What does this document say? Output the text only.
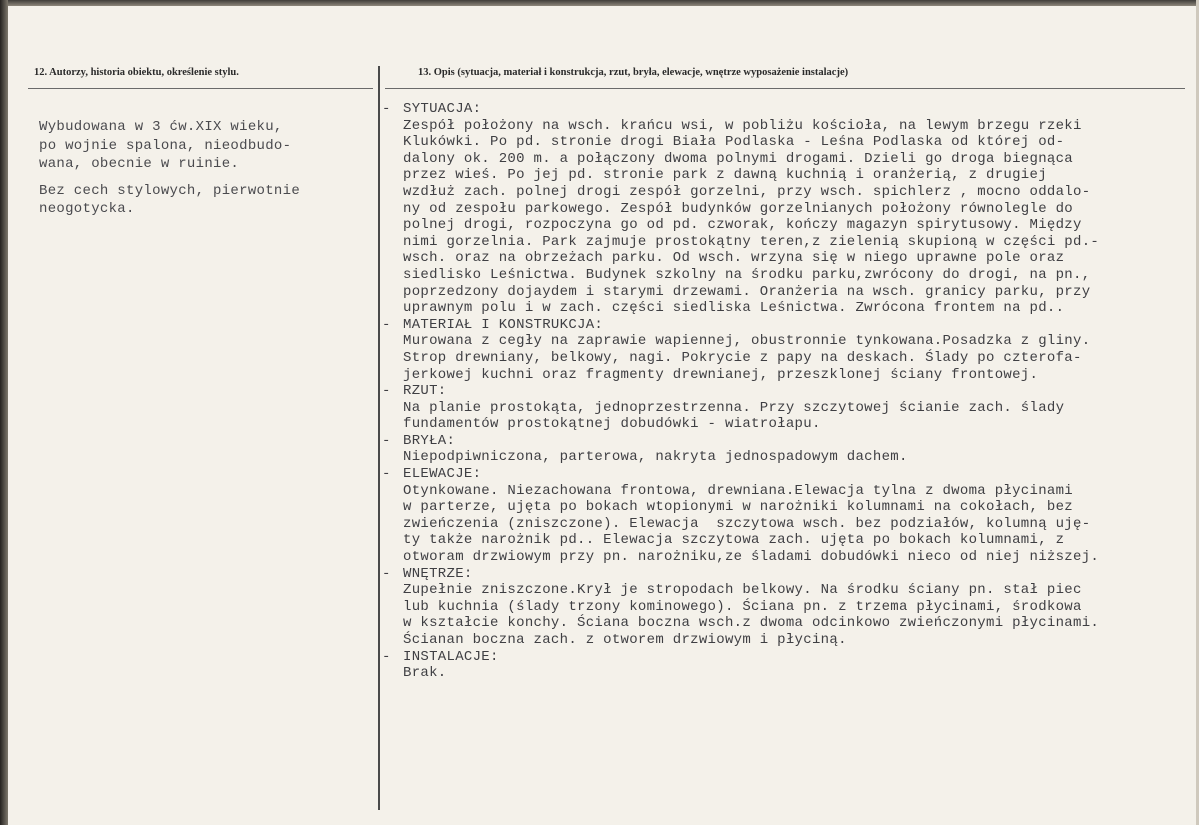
12. Autorzy, historia obiektu, określenie stylu.	13. Opis (sytuacja, materiał i konstrukcja, rzut, bryła, elewacje, wnętrze wyposażenie instalacje)

Wybudowana w 3 ćw.XIX wieku,
po wojnie spalona, nieodbudo-
wana, obecnie w ruinie.

Bez cech stylowych, pierwotnie
neogotycka.

- SYTUACJA:
Zespół położony na wsch. krańcu wsi, w pobliżu kościoła, na lewym brzegu rzeki
Klukówki. Po pd. stronie drogi Biała Podlaska - Leśna Podlaska od której od-
dalony ok. 200 m. a połączony dwoma polnymi drogami. Dzieli go droga biegnąca
przez wieś. Po jej pd. stronie park z dawną kuchnią i oranżerią, z drugiej
wzdłuż zach. polnej drogi zespół gorzelni, przy wsch. spichlerz , mocno oddalo-
ny od zespołu parkowego. Zespół budynków gorzelnianych położony równolegle do
polnej drogi, rozpoczyna go od pd. czworak, kończy magazyn spirytusowy. Między
nimi gorzelnia. Park zajmuje prostokątny teren,z zielenią skupioną w części pd.-
wsch. oraz na obrzeżach parku. Od wsch. wrzyna się w niego uprawne pole oraz
siedlisko Leśnictwa. Budynek szkolny na środku parku,zwrócony do drogi, na pn.,
poprzedzony dojaydem i starymi drzewami. Oranżeria na wsch. granicy parku, przy
uprawnym polu i w zach. części siedliska Leśnictwa. Zwrócona frontem na pd..
- MATERIAŁ I KONSTRUKCJA:
Murowana z cegły na zaprawie wapiennej, obustronnie tynkowana.Posadzka z gliny.
Strop drewniany, belkowy, nagi. Pokrycie z papy na deskach. Ślady po czterofa-
jerkowej kuchni oraz fragmenty drewnianej, przeszklonej ściany frontowej.
- RZUT:
Na planie prostokąta, jednoprzestrzenna. Przy szczytowej ścianie zach. ślady
fundamentów prostokątnej dobudówki - wiatrołapu.
- BRYŁA:
Niepodpiwniczona, parterowa, nakryta jednospadowym dachem.
- ELEWACJE:
Otynkowane. Niezachowana frontowa, drewniana.Elewacja tylna z dwoma płycinami
w parterze, ujęta po bokach wtopionymi w narożniki kolumnami na cokołach, bez
zwieńczenia (zniszczone). Elewacja  szczytowa wsch. bez podziałów, kolumną uję-
ty także narożnik pd.. Elewacja szczytowa zach. ujęta po bokach kolumnami, z
otworam drzwiowym przy pn. narożniku,ze śladami dobudówki nieco od niej niższej.
- WNĘTRZE:
Zupełnie zniszczone.Krył je stropodach belkowy. Na środku ściany pn. stał piec
lub kuchnia (ślady trzony kominowego). Ściana pn. z trzema płycinami, środkowa
w kształcie konchy. Ściana boczna wsch.z dwoma odcinkowo zwieńczonymi płycinami.
Ścianan boczna zach. z otworem drzwiowym i płyciną.
- INSTALACJE:
Brak.
